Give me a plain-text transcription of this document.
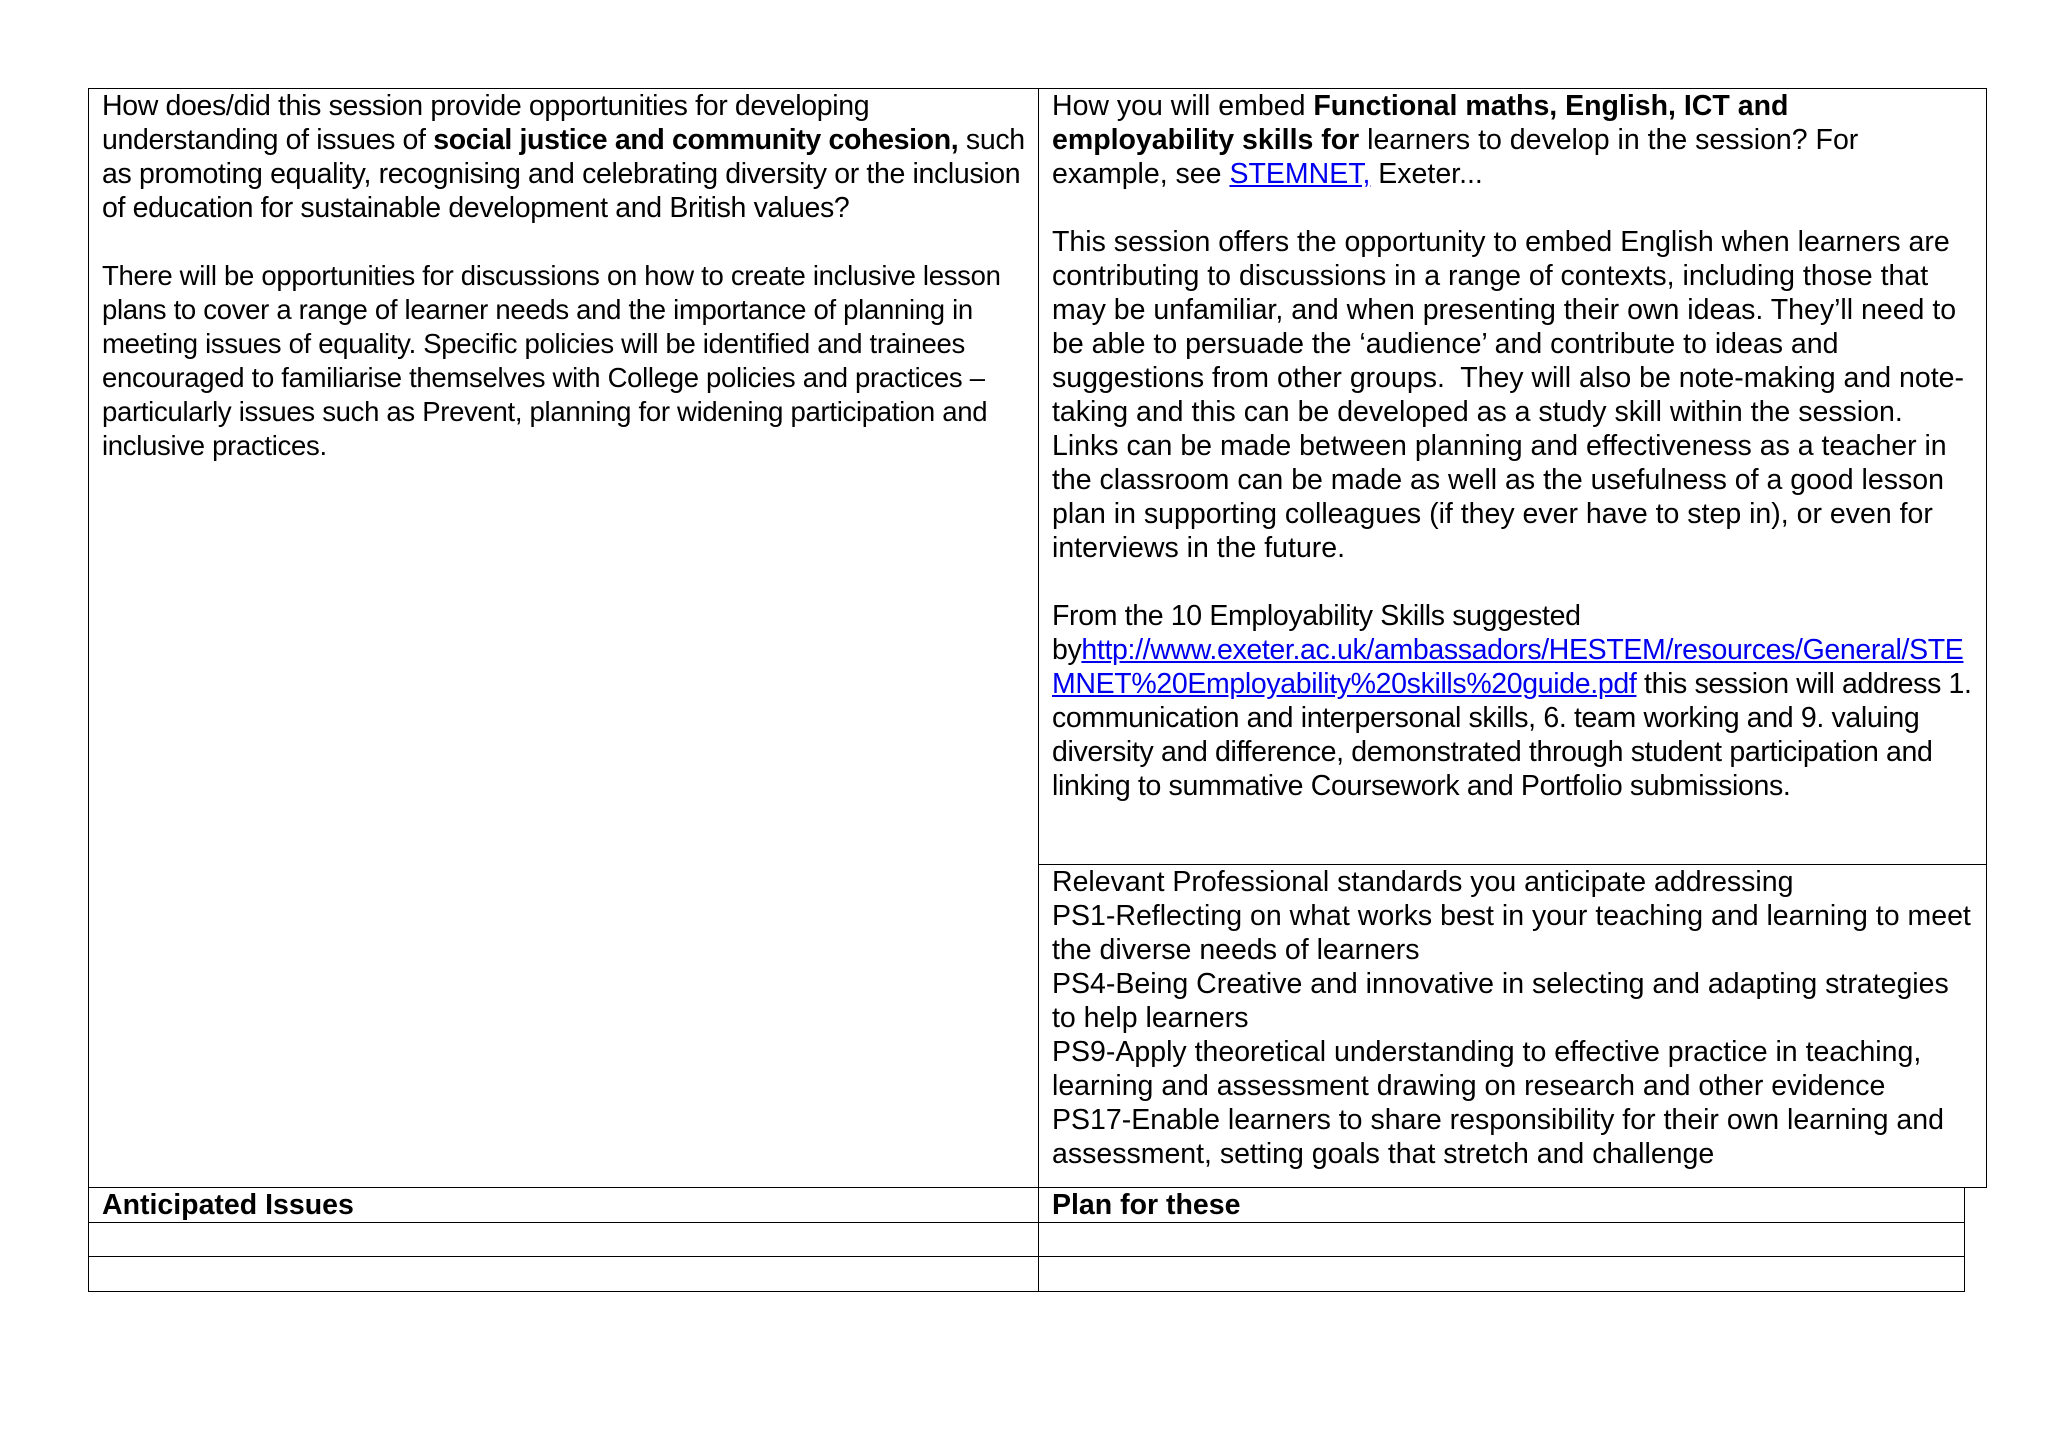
How does/did this session provide opportunities for developing understanding of issues of social justice and community cohesion, such as promoting equality, recognising and celebrating diversity or the inclusion of education for sustainable development and British values?

There will be opportunities for discussions on how to create inclusive lesson plans to cover a range of learner needs and the importance of planning in meeting issues of equality. Specific policies will be identified and trainees encouraged to familiarise themselves with College policies and practices – particularly issues such as Prevent, planning for widening participation and inclusive practices.

How you will embed Functional maths, English, ICT and employability skills for learners to develop in the session? For example, see STEMNET, Exeter...

This session offers the opportunity to embed English when learners are contributing to discussions in a range of contexts, including those that may be unfamiliar, and when presenting their own ideas. They’ll need to be able to persuade the ‘audience’ and contribute to ideas and suggestions from other groups.  They will also be note-making and note-taking and this can be developed as a study skill within the session. Links can be made between planning and effectiveness as a teacher in the classroom can be made as well as the usefulness of a good lesson plan in supporting colleagues (if they ever have to step in), or even for interviews in the future.

From the 10 Employability Skills suggested
byhttp://www.exeter.ac.uk/ambassadors/HESTEM/resources/General/STEMNET%20Employability%20skills%20guide.pdf this session will address 1. communication and interpersonal skills, 6. team working and 9. valuing diversity and difference, demonstrated through student participation and linking to summative Coursework and Portfolio submissions.

Relevant Professional standards you anticipate addressing

PS1-Reflecting on what works best in your teaching and learning to meet the diverse needs of learners

PS4-Being Creative and innovative in selecting and adapting strategies to help learners

PS9-Apply theoretical understanding to effective practice in teaching, learning and assessment drawing on research and other evidence

PS17-Enable learners to share responsibility for their own learning and assessment, setting goals that stretch and challenge

Anticipated Issues	Plan for these
